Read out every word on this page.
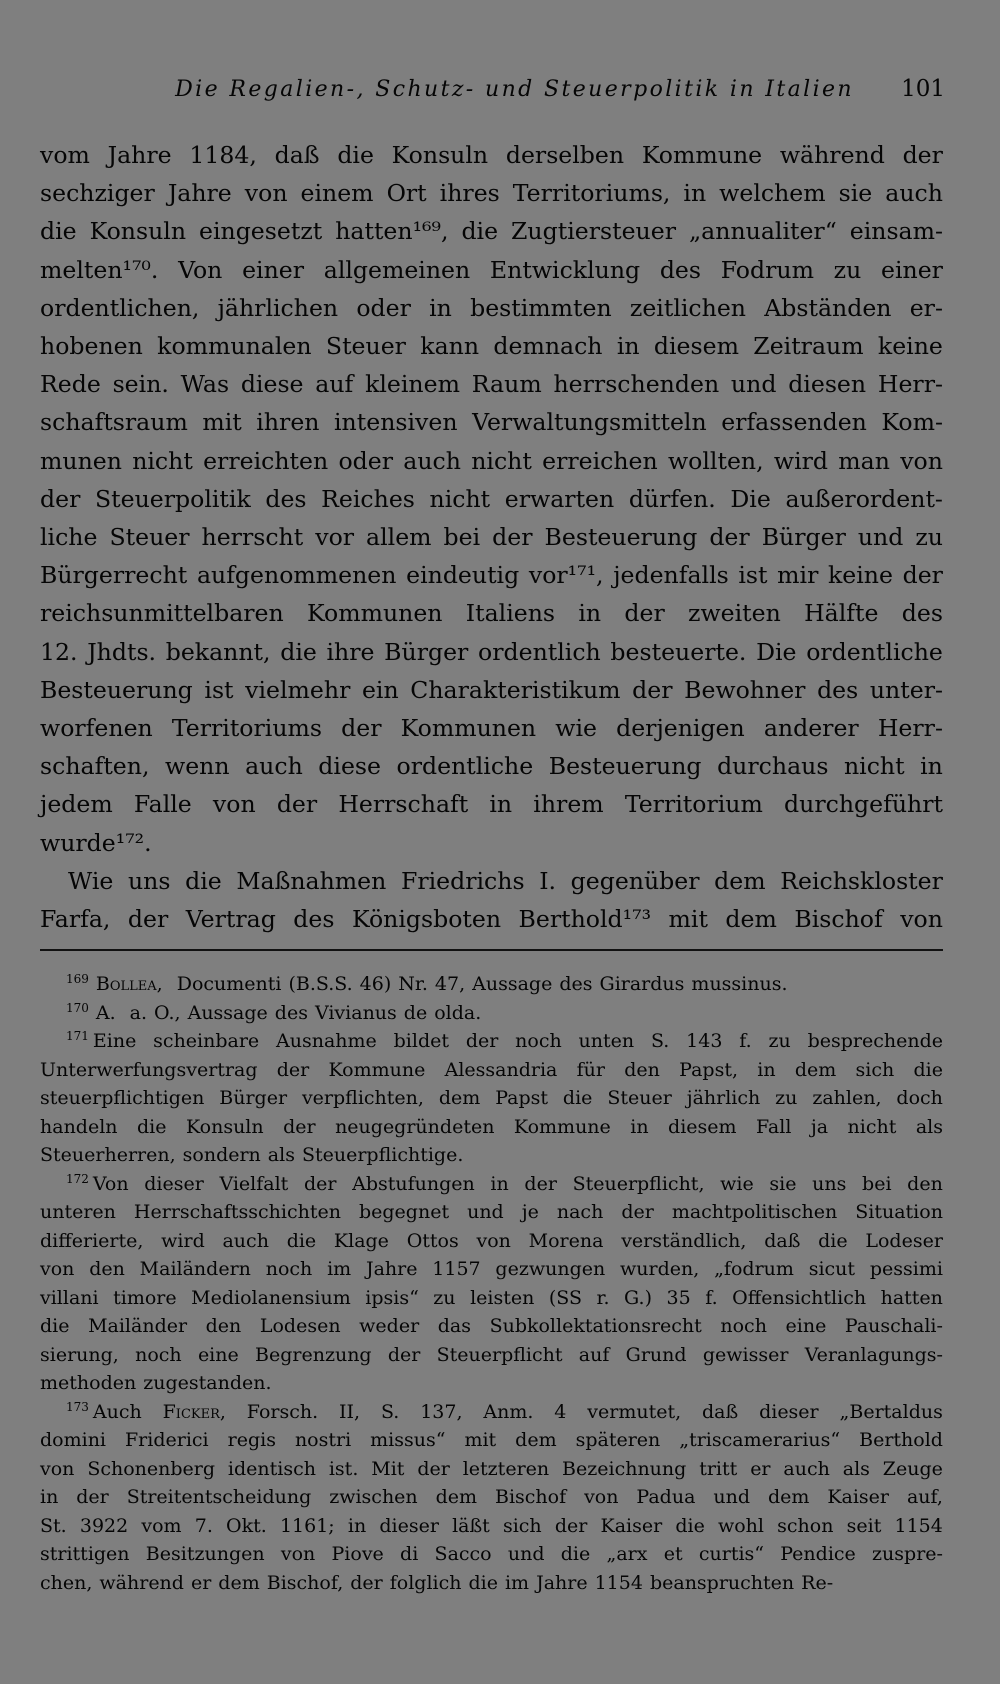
Die Regalien-, Schutz- und Steuerpolitik in Italien	101
vom Jahre 1184, daß die Konsuln derselben Kommune während der
sechziger Jahre von einem Ort ihres Territoriums, in welchem sie auch
die Konsuln eingesetzt hatten¹⁶⁹, die Zugtiersteuer „annualiter“ einsam-
melten¹⁷⁰. Von einer allgemeinen Entwicklung des Fodrum zu einer
ordentlichen, jährlichen oder in bestimmten zeitlichen Abständen er-
hobenen kommunalen Steuer kann demnach in diesem Zeitraum keine
Rede sein. Was diese auf kleinem Raum herrschenden und diesen Herr-
schaftsraum mit ihren intensiven Verwaltungsmitteln erfassenden Kom-
munen nicht erreichten oder auch nicht erreichen wollten, wird man von
der Steuerpolitik des Reiches nicht erwarten dürfen. Die außerordent-
liche Steuer herrscht vor allem bei der Besteuerung der Bürger und zu
Bürgerrecht aufgenommenen eindeutig vor¹⁷¹, jedenfalls ist mir keine der
reichsunmittelbaren Kommunen Italiens in der zweiten Hälfte des
12. Jhdts. bekannt, die ihre Bürger ordentlich besteuerte. Die ordentliche
Besteuerung ist vielmehr ein Charakteristikum der Bewohner des unter-
worfenen Territoriums der Kommunen wie derjenigen anderer Herr-
schaften, wenn auch diese ordentliche Besteuerung durchaus nicht in
jedem Falle von der Herrschaft in ihrem Territorium durchgeführt
wurde¹⁷².
Wie uns die Maßnahmen Friedrichs I. gegenüber dem Reichskloster
Farfa, der Vertrag des Königsboten Berthold¹⁷³ mit dem Bischof von
$^{169}$ Bollea, Documenti (B.S.S. 46) Nr. 47, Aussage des Girardus mussinus.
$^{170}$ A. a. O., Aussage des Vivianus de olda.
$^{171}$ Eine scheinbare Ausnahme bildet der noch unten S. 143 f. zu besprechende
Unterwerfungsvertrag der Kommune Alessandria für den Papst, in dem sich die
steuerpflichtigen Bürger verpflichten, dem Papst die Steuer jährlich zu zahlen, doch
handeln die Konsuln der neugegründeten Kommune in diesem Fall ja nicht als
Steuerherren, sondern als Steuerpflichtige.
$^{172}$ Von dieser Vielfalt der Abstufungen in der Steuerpflicht, wie sie uns bei den
unteren Herrschaftsschichten begegnet und je nach der machtpolitischen Situation
differierte, wird auch die Klage Ottos von Morena verständlich, daß die Lodeser
von den Mailändern noch im Jahre 1157 gezwungen wurden, „fodrum sicut pessimi
villani timore Mediolanensium ipsis“ zu leisten (SS r. G.) 35 f. Offensichtlich hatten
die Mailänder den Lodesen weder das Subkollektationsrecht noch eine Pauschali-
sierung, noch eine Begrenzung der Steuerpflicht auf Grund gewisser Veranlagungs-
methoden zugestanden.
$^{173}$ Auch Ficker, Forsch. II, S. 137, Anm. 4 vermutet, daß dieser „Bertaldus
domini Friderici regis nostri missus“ mit dem späteren „triscamerarius“ Berthold
von Schonenberg identisch ist. Mit der letzteren Bezeichnung tritt er auch als Zeuge
in der Streitentscheidung zwischen dem Bischof von Padua und dem Kaiser auf,
St. 3922 vom 7. Okt. 1161; in dieser läßt sich der Kaiser die wohl schon seit 1154
strittigen Besitzungen von Piove di Sacco und die „arx et curtis“ Pendice zuspre-
chen, während er dem Bischof, der folglich die im Jahre 1154 beanspruchten Re-
